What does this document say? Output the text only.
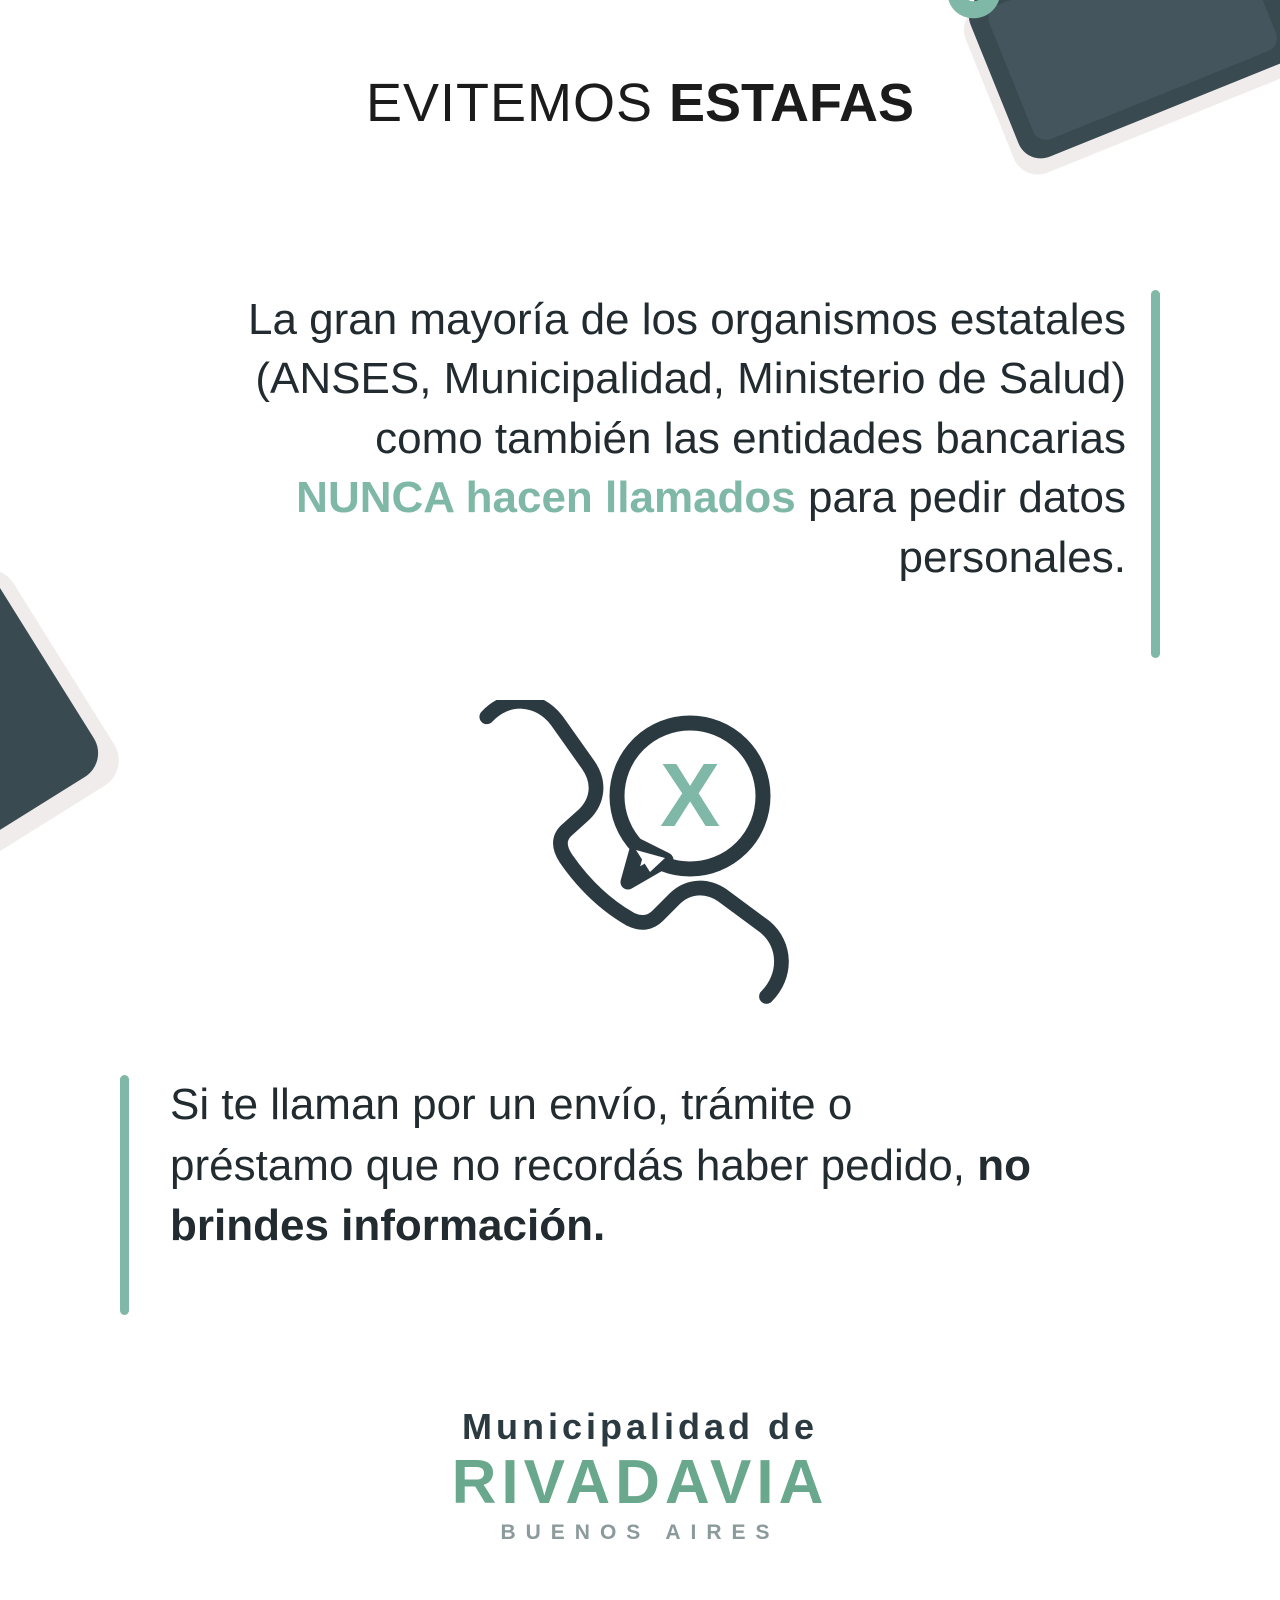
EVITEMOS ESTAFAS
La gran mayoría de los organismos estatales (ANSES, Municipalidad, Ministerio de Salud) como también las entidades bancarias NUNCA hacen llamados para pedir datos personales.
X
Si te llaman por un envío, trámite o préstamo que no recordás haber pedido, no brindes información.
Municipalidad de
RIVADAVIA
BUENOS AIRES
